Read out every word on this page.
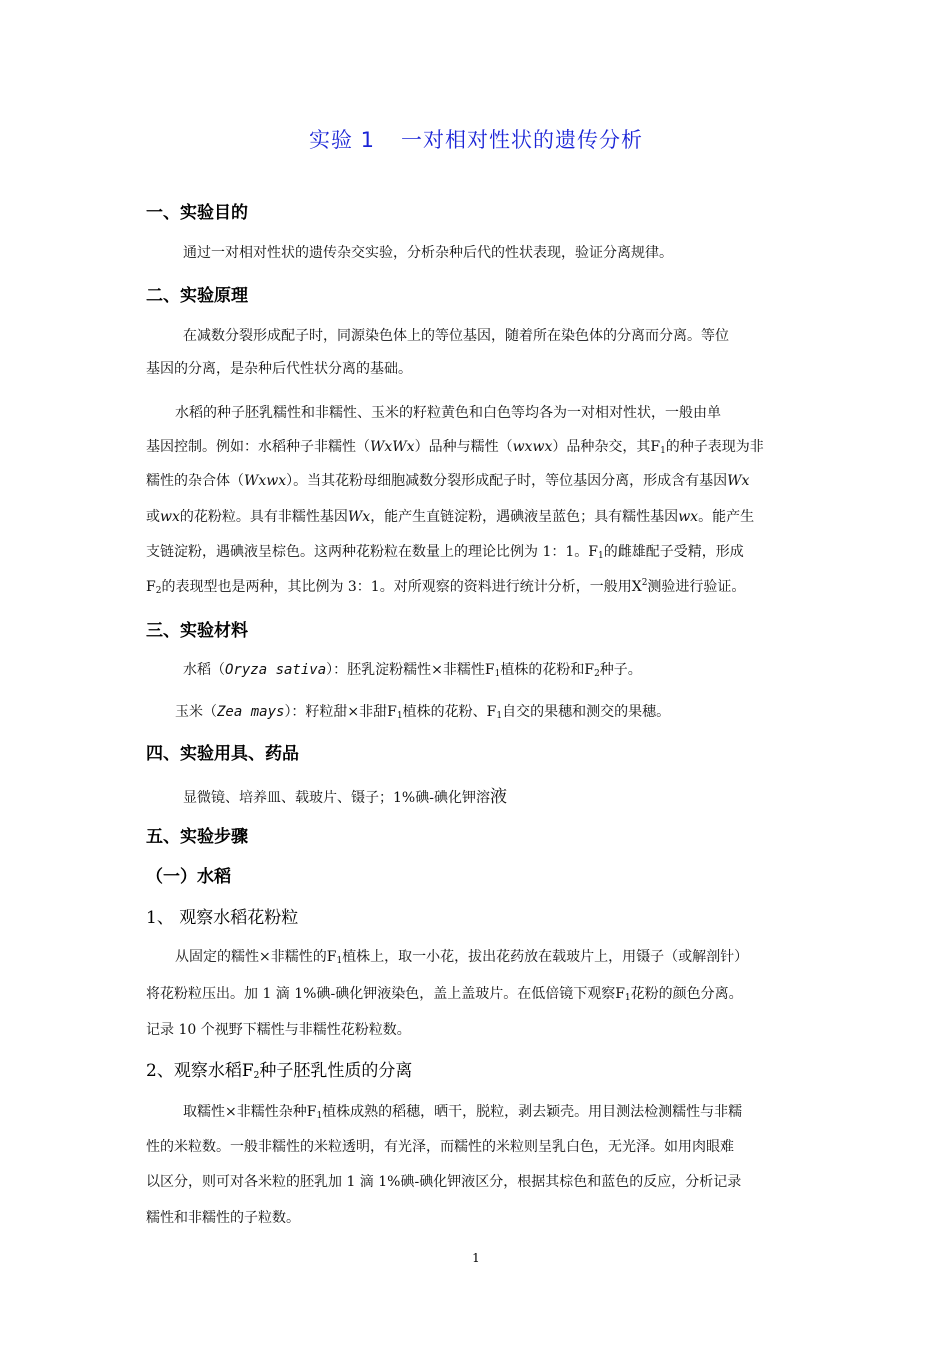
实验 1 一对相对性状的遗传分析
一、实验目的
通过一对相对性状的遗传杂交实验，分析杂种后代的性状表现，验证分离规律。
二、实验原理
在减数分裂形成配子时，同源染色体上的等位基因，随着所在染色体的分离而分离。等位
基因的分离，是杂种后代性状分离的基础。
水稻的种子胚乳糯性和非糯性、玉米的籽粒黄色和白色等均各为一对相对性状，一般由单
基因控制。例如：水稻种子非糯性（WxWx）品种与糯性（wxwx）品种杂交，其$F_1$的种子表现为非
糯性的杂合体（Wxwx）。当其花粉母细胞减数分裂形成配子时，等位基因分离，形成含有基因Wx
或wx的花粉粒。具有非糯性基因Wx，能产生直链淀粉，遇碘液呈蓝色；具有糯性基因wx。能产生
支链淀粉，遇碘液呈棕色。这两种花粉粒在数量上的理论比例为 1：1。$F_1$的雌雄配子受精，形成
$F_2$的表现型也是两种，其比例为 3：1。对所观察的资料进行统计分析，一般用$X^2$测验进行验证。
三、实验材料
水稻（Oryza sativa）：胚乳淀粉糯性×非糯性$F_1$植株的花粉和$F_2$种子。
玉米（Zea mays）：籽粒甜×非甜$F_1$植株的花粉、$F_1$自交的果穗和测交的果穗。
四、实验用具、药品
显微镜、培养皿、载玻片、镊子；1%碘-碘化钾溶液
五、实验步骤
（一）水稻
1、 观察水稻花粉粒
从固定的糯性×非糯性的$F_1$植株上，取一小花，拔出花药放在载玻片上，用镊子（或解剖针）
将花粉粒压出。加 1 滴 1%碘-碘化钾液染色，盖上盖玻片。在低倍镜下观察$F_1$花粉的颜色分离。
记录 10 个视野下糯性与非糯性花粉粒数。
2、观察水稻$F_2$种子胚乳性质的分离
取糯性×非糯性杂种$F_1$植株成熟的稻穗，晒干，脱粒，剥去颖壳。用目测法检测糯性与非糯
性的米粒数。一般非糯性的米粒透明，有光泽，而糯性的米粒则呈乳白色，无光泽。如用肉眼难
以区分，则可对各米粒的胚乳加 1 滴 1%碘-碘化钾液区分，根据其棕色和蓝色的反应，分析记录
糯性和非糯性的子粒数。
1
